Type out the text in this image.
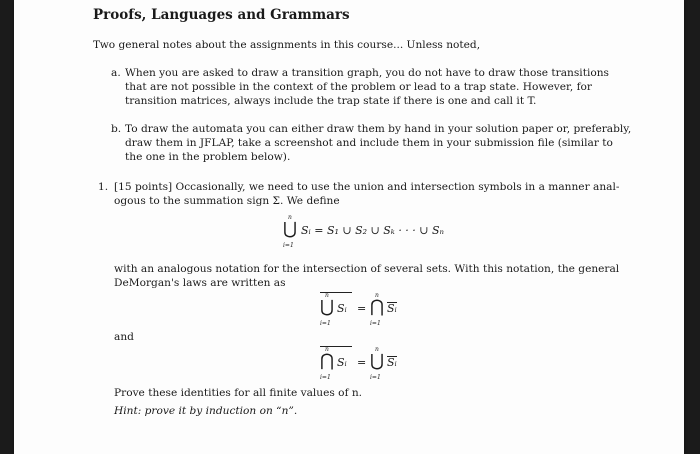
Proofs, Languages and Grammars

Two general notes about the assignments in this course... Unless noted,

a. When you are asked to draw a transition graph, you do not have to draw those transitions

that are not possible in the context of the problem or lead to a trap state. However, for

transition matrices, always include the trap state if there is one and call it T.

b. To draw the automata you can either draw them by hand in your solution paper or, preferably,

draw them in JFLAP, take a screenshot and include them in your submission file (similar to

the one in the problem below).

1. [15 points] Occasionally, we need to use the union and intersection symbols in a manner anal-

ogous to the summation sign Σ. We define

n
⋃
i=1
Sᵢ = S₁ ∪ S₂ ∪ Sₖ · · · ∪ Sₙ

with an analogous notation for the intersection of several sets. With this notation, the general

DeMorgan's laws are written as

n
⋃
i=1
Sᵢ =
n
⋂
i=1
Sᵢ

and

n
⋂
i=1
Sᵢ =
n
⋃
i=1
Sᵢ

Prove these identities for all finite values of n.

Hint: prove it by induction on “n”.
